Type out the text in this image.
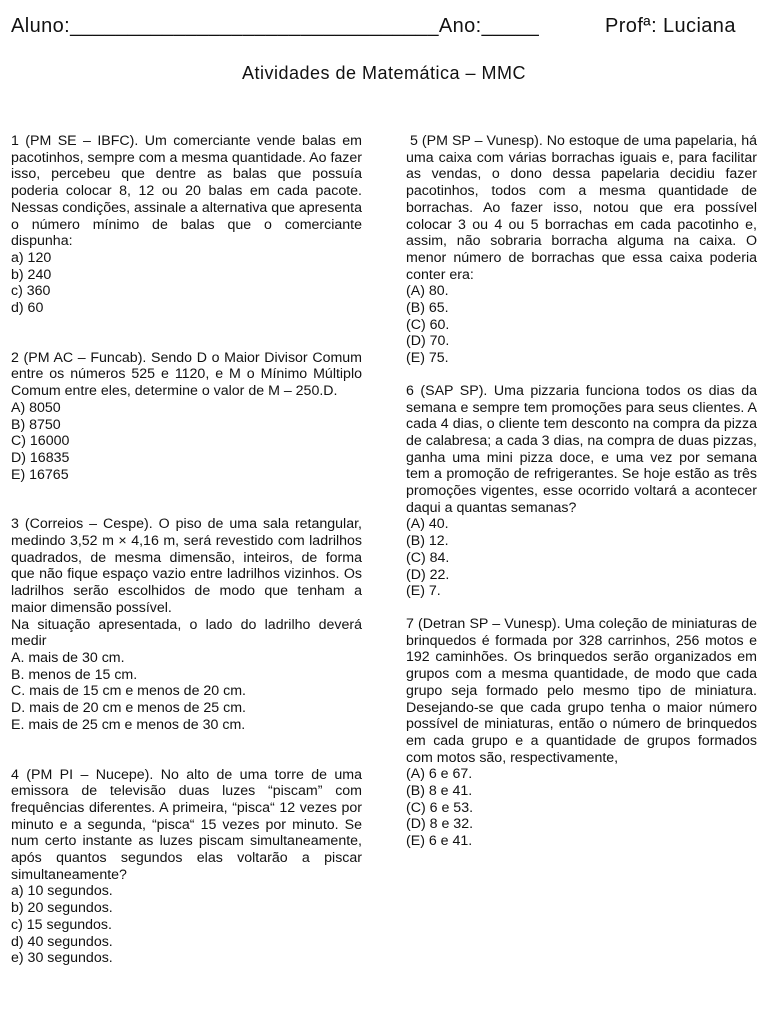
Aluno:________________________________Ano:_____	Profª: Luciana
Atividades de Matemática – MMC

1 (PM SE – IBFC). Um comerciante vende balas em pacotinhos, sempre com a mesma quantidade. Ao fazer isso, percebeu que dentre as balas que possuía poderia colocar 8, 12 ou 20 balas em cada pacote. Nessas condições, assinale a alternativa que apresenta o número mínimo de balas que o comerciante dispunha:

a) 120
b) 240
c) 360
d) 60

2 (PM AC – Funcab). Sendo D o Maior Divisor Comum entre os números 525 e 1120, e M o Mínimo Múltiplo Comum entre eles, determine o valor de M – 250.D.

A) 8050
B) 8750
C) 16000
D) 16835
E) 16765

3 (Correios – Cespe). O piso de uma sala retangular, medindo 3,52 m × 4,16 m, será revestido com ladrilhos quadrados, de mesma dimensão, inteiros, de forma que não fique espaço vazio entre ladrilhos vizinhos. Os ladrilhos serão escolhidos de modo que tenham a maior dimensão possível.

Na situação apresentada, o lado do ladrilho deverá medir

A. mais de 30 cm.
B. menos de 15 cm.
C. mais de 15 cm e menos de 20 cm.
D. mais de 20 cm e menos de 25 cm.
E. mais de 25 cm e menos de 30 cm.

4 (PM PI – Nucepe). No alto de uma torre de uma emissora de televisão duas luzes “piscam” com frequências diferentes. A primeira, “pisca“ 12 vezes por minuto e a segunda, “pisca“ 15 vezes por minuto. Se num certo instante as luzes piscam simultaneamente, após quantos segundos elas voltarão a piscar simultaneamente?

a) 10 segundos.
b) 20 segundos.
c) 15 segundos.
d) 40 segundos.
e) 30 segundos.

5 (PM SP – Vunesp). No estoque de uma papelaria, há uma caixa com várias borrachas iguais e, para facilitar as vendas, o dono dessa papelaria decidiu fazer pacotinhos, todos com a mesma quantidade de borrachas. Ao fazer isso, notou que era possível colocar 3 ou 4 ou 5 borrachas em cada pacotinho e, assim, não sobraria borracha alguma na caixa. O menor número de borrachas que essa caixa poderia conter era:

(A) 80.
(B) 65.
(C) 60.
(D) 70.
(E) 75.

6 (SAP SP). Uma pizzaria funciona todos os dias da semana e sempre tem promoções para seus clientes. A cada 4 dias, o cliente tem desconto na compra da pizza de calabresa; a cada 3 dias, na compra de duas pizzas, ganha uma mini pizza doce, e uma vez por semana tem a promoção de refrigerantes. Se hoje estão as três promoções vigentes, esse ocorrido voltará a acontecer daqui a quantas semanas?

(A) 40.
(B) 12.
(C) 84.
(D) 22.
(E) 7.

7 (Detran SP – Vunesp). Uma coleção de miniaturas de brinquedos é formada por 328 carrinhos, 256 motos e 192 caminhões. Os brinquedos serão organizados em grupos com a mesma quantidade, de modo que cada grupo seja formado pelo mesmo tipo de miniatura. Desejando-se que cada grupo tenha o maior número possível de miniaturas, então o número de brinquedos em cada grupo e a quantidade de grupos formados com motos são, respectivamente,

(A) 6 e 67.
(B) 8 e 41.
(C) 6 e 53.
(D) 8 e 32.
(E) 6 e 41.
